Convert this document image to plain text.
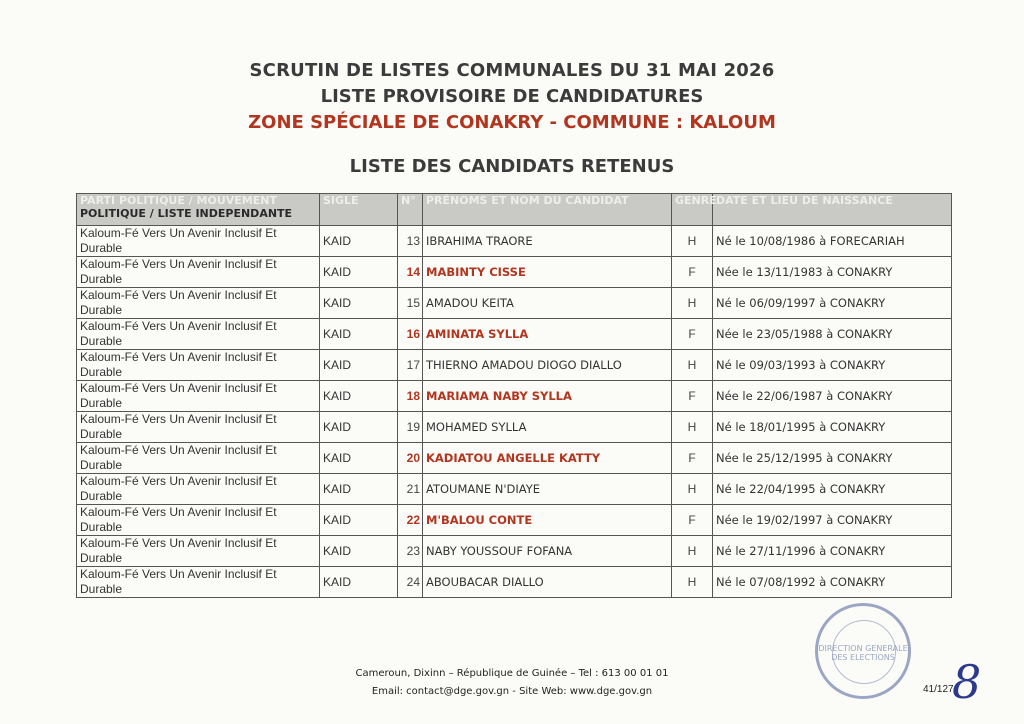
SCRUTIN DE LISTES COMMUNALES DU 31 MAI 2026
LISTE PROVISOIRE DE CANDIDATURES
ZONE SPÉCIALE DE CONAKRY - COMMUNE : KALOUM
LISTE DES CANDIDATS RETENUS
PARTI POLITIQUE / MOUVEMENT
POLITIQUE / LISTE INDEPENDANTE	SIGLE	N°	PRÉNOMS ET NOM DU CANDIDAT	GENRE	DATE ET LIEU DE NAISSANCE
Kaloum-Fé Vers Un Avenir Inclusif Et Durable	KAID	13	IBRAHIMA TRAORE	H	Né le 10/08/1986 à FORECARIAH
Kaloum-Fé Vers Un Avenir Inclusif Et Durable	KAID	14	MABINTY CISSE	F	Née le 13/11/1983 à CONAKRY
Kaloum-Fé Vers Un Avenir Inclusif Et Durable	KAID	15	AMADOU KEITA	H	Né le 06/09/1997 à CONAKRY
Kaloum-Fé Vers Un Avenir Inclusif Et Durable	KAID	16	AMINATA SYLLA	F	Née le 23/05/1988 à CONAKRY
Kaloum-Fé Vers Un Avenir Inclusif Et Durable	KAID	17	THIERNO AMADOU DIOGO DIALLO	H	Né le 09/03/1993 à CONAKRY
Kaloum-Fé Vers Un Avenir Inclusif Et Durable	KAID	18	MARIAMA NABY SYLLA	F	Née le 22/06/1987 à CONAKRY
Kaloum-Fé Vers Un Avenir Inclusif Et Durable	KAID	19	MOHAMED SYLLA	H	Né le 18/01/1995 à CONAKRY
Kaloum-Fé Vers Un Avenir Inclusif Et Durable	KAID	20	KADIATOU ANGELLE KATTY	F	Née le 25/12/1995 à CONAKRY
Kaloum-Fé Vers Un Avenir Inclusif Et Durable	KAID	21	ATOUMANE N'DIAYE	H	Né le 22/04/1995 à CONAKRY
Kaloum-Fé Vers Un Avenir Inclusif Et Durable	KAID	22	M'BALOU CONTE	F	Née le 19/02/1997 à CONAKRY
Kaloum-Fé Vers Un Avenir Inclusif Et Durable	KAID	23	NABY YOUSSOUF FOFANA	H	Né le 27/11/1996 à CONAKRY
Kaloum-Fé Vers Un Avenir Inclusif Et Durable	KAID	24	ABOUBACAR DIALLO	H	Né le 07/08/1992 à CONAKRY
DIRECTION GENERALE DES ELECTIONS
Cameroun, Dixinn – République de Guinée – Tel : 613 00 01 01
Email: contact@dge.gov.gn - Site Web: www.dge.gov.gn	41/127
8
